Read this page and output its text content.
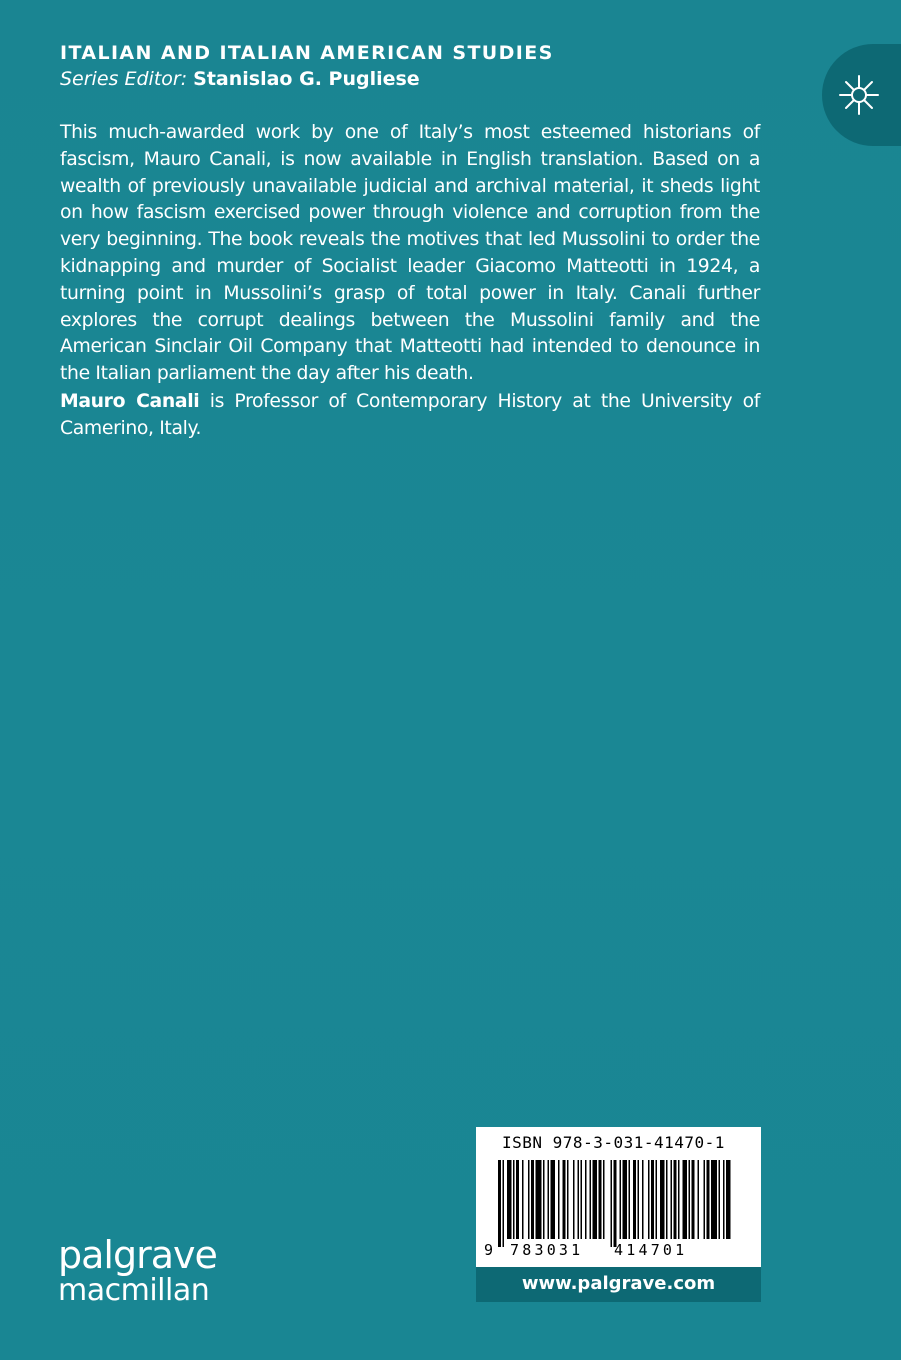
ITALIAN AND ITALIAN AMERICAN STUDIES
Series Editor: Stanislao G. Pugliese

This much-awarded work by one of Italy’s most esteemed historians of fascism, Mauro Canali, is now available in English translation. Based on a wealth of previously unavailable judicial and archival material, it sheds light on how fascism exercised power through violence and corruption from the very beginning. The book reveals the motives that led Mussolini to order the kidnapping and murder of Socialist leader Giacomo Matteotti in 1924, a turning point in Mussolini’s grasp of total power in Italy. Canali further explores the corrupt dealings between the Mussolini family and the American Sinclair Oil Company that Matteotti had intended to denounce in the Italian parliament the day after his death.

Mauro Canali is Professor of Contemporary History at the University of Camerino, Italy.

palgrave
macmillan
ISBN 978-3-031-41470-1
9 783031 414701
www.palgrave.com
